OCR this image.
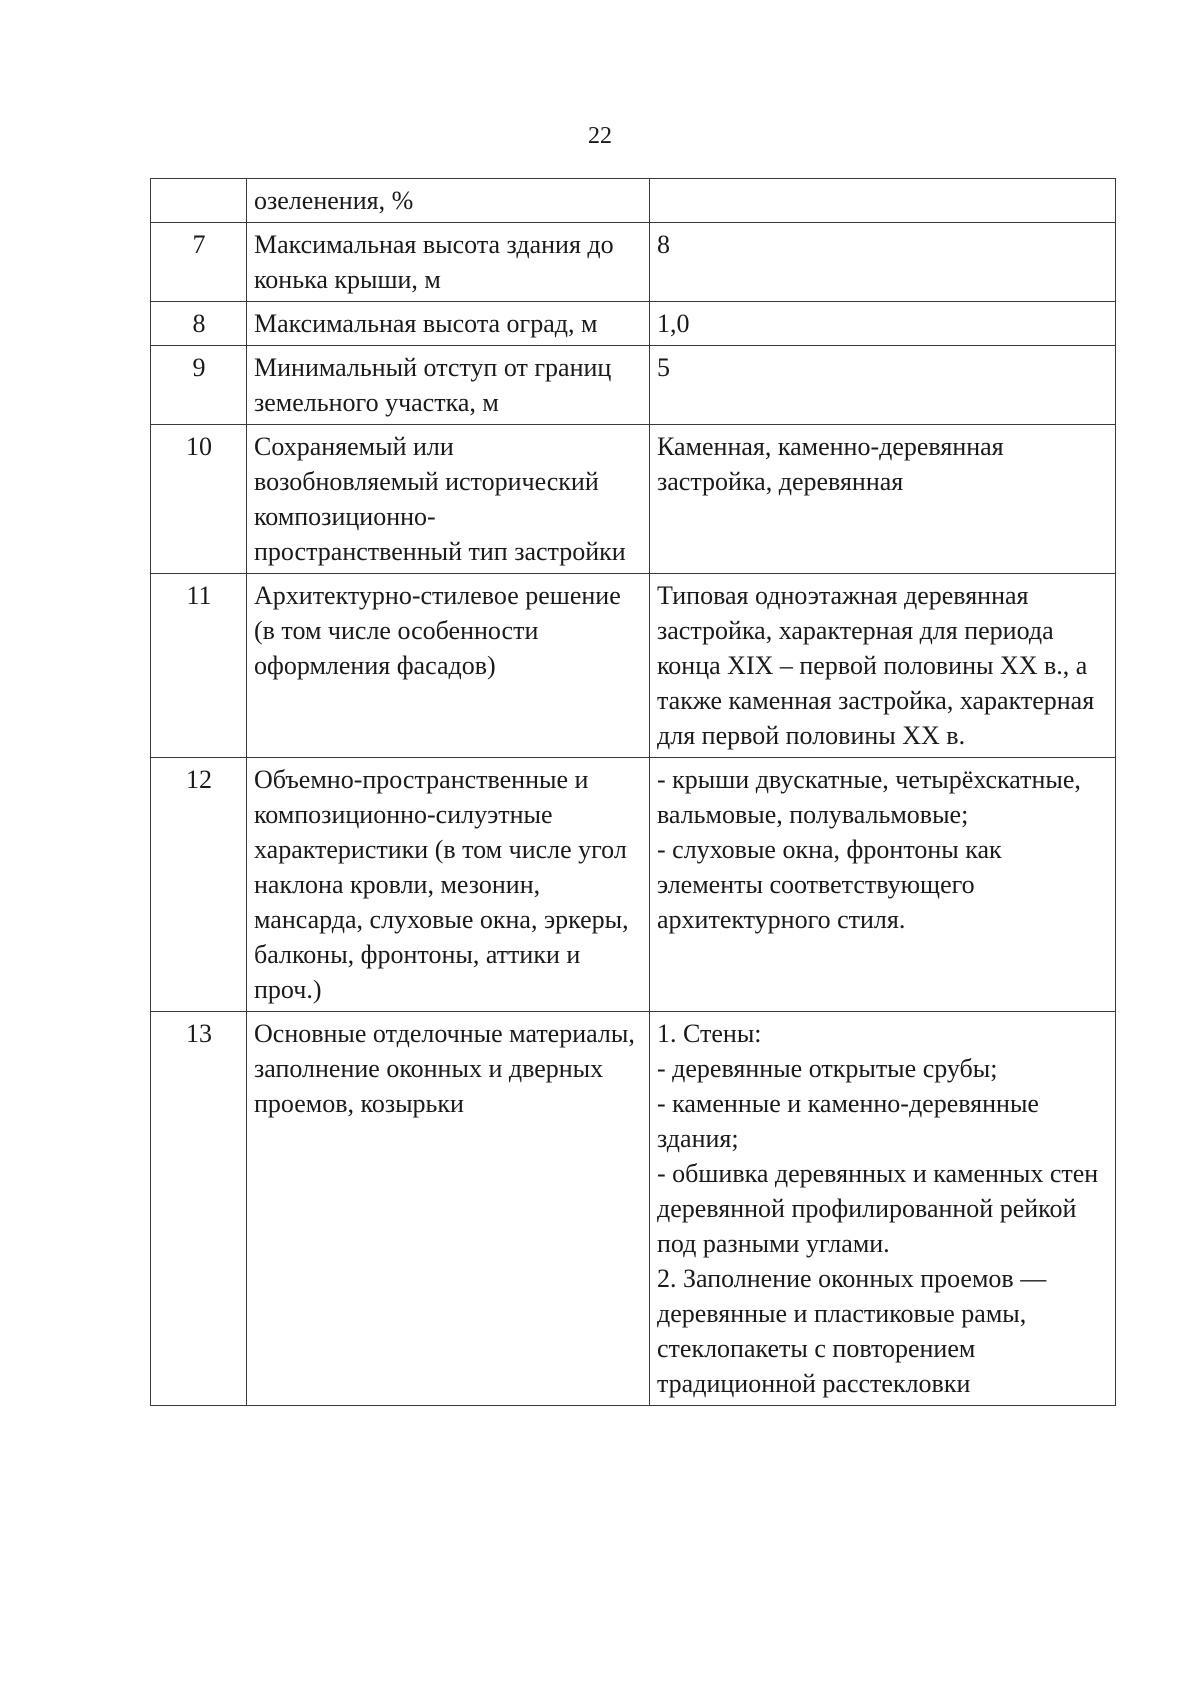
22
	озеленения, %	

7	Максимальная высота здания до конька крыши, м	8

8	Максимальная высота оград, м	1,0

9	Минимальный отступ от границ земельного участка, м	5

10	Сохраняемый или возобновляемый исторический композиционно-пространственный тип застройки	Каменная, каменно-деревянная застройка, деревянная

11	Архитектурно-стилевое решение (в том числе особенности оформления фасадов)	Типовая одноэтажная деревянная застройка, характерная для периода конца XIX – первой половины XX в., а также каменная застройка, характерная для первой половины XX в.

12	Объемно-пространственные и композиционно-силуэтные характеристики (в том числе угол наклона кровли, мезонин, мансарда, слуховые окна, эркеры, балконы, фронтоны, аттики и проч.)	- крыши двускатные, четырёхскатные, вальмовые, полувальмовые;
- слуховые окна, фронтоны как элементы соответствующего архитектурного стиля.

13	Основные отделочные материалы, заполнение оконных и дверных проемов, козырьки	1. Стены:
- деревянные открытые срубы;
- каменные и каменно-деревянные здания;
- обшивка деревянных и каменных стен деревянной профилированной рейкой под разными углами.
2. Заполнение оконных проемов — деревянные и пластиковые рамы, стеклопакеты с повторением традиционной расстекловки
